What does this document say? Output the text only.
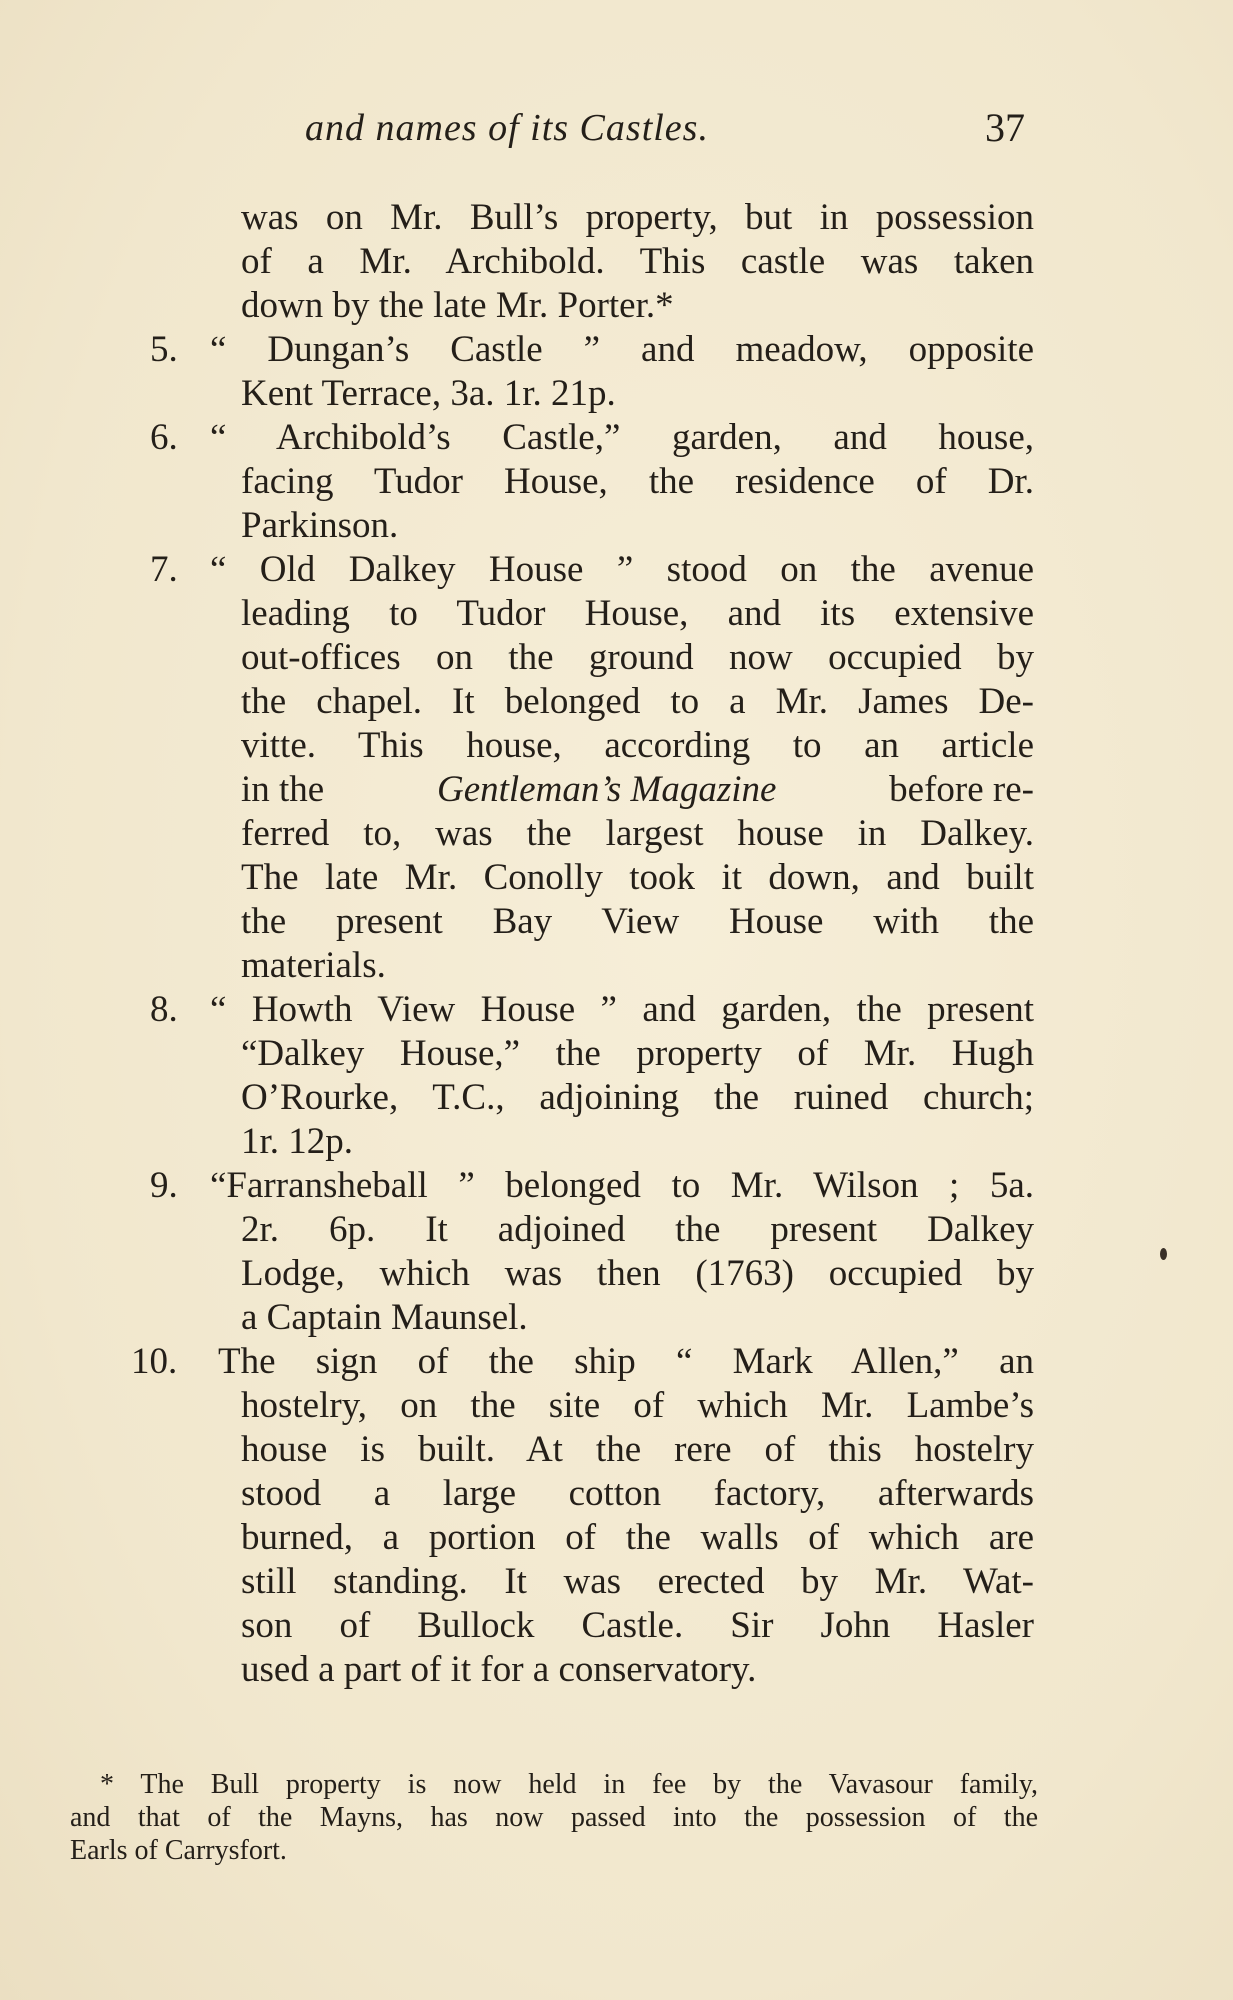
and names of its Castles.	37
was on Mr. Bull’s property, but in possession
of a Mr. Archibold. This castle was taken
down by the late Mr. Porter.*
5. “ Dungan’s Castle ” and meadow, opposite
Kent Terrace, 3a. 1r. 21p.
6. “ Archibold’s Castle,” garden, and house,
facing Tudor House, the residence of Dr.
Parkinson.
7. “ Old Dalkey House ” stood on the avenue
leading to Tudor House, and its extensive
out-offices on the ground now occupied by
the chapel. It belonged to a Mr. James De-
vitte. This house, according to an article
in the	Gentleman’s Magazine	before re-
ferred to, was the largest house in Dalkey.
The late Mr. Conolly took it down, and built
the present Bay View House with the
materials.
8. “ Howth View House ” and garden, the present
“Dalkey House,” the property of Mr. Hugh
O’Rourke, T.C., adjoining the ruined church;
1r. 12p.
9. “Farransheball ” belonged to Mr. Wilson ; 5a.
2r. 6p. It adjoined the present Dalkey
Lodge, which was then (1763) occupied by
a Captain Maunsel.
10. The sign of the ship “ Mark Allen,” an
hostelry, on the site of which Mr. Lambe’s
house is built. At the rere of this hostelry
stood a large cotton factory, afterwards
burned, a portion of the walls of which are
still standing. It was erected by Mr. Wat-
son of Bullock Castle. Sir John Hasler
used a part of it for a conservatory.
* The Bull property is now held in fee by the Vavasour family,
and that of the Mayns, has now passed into the possession of the
Earls of Carrysfort.
